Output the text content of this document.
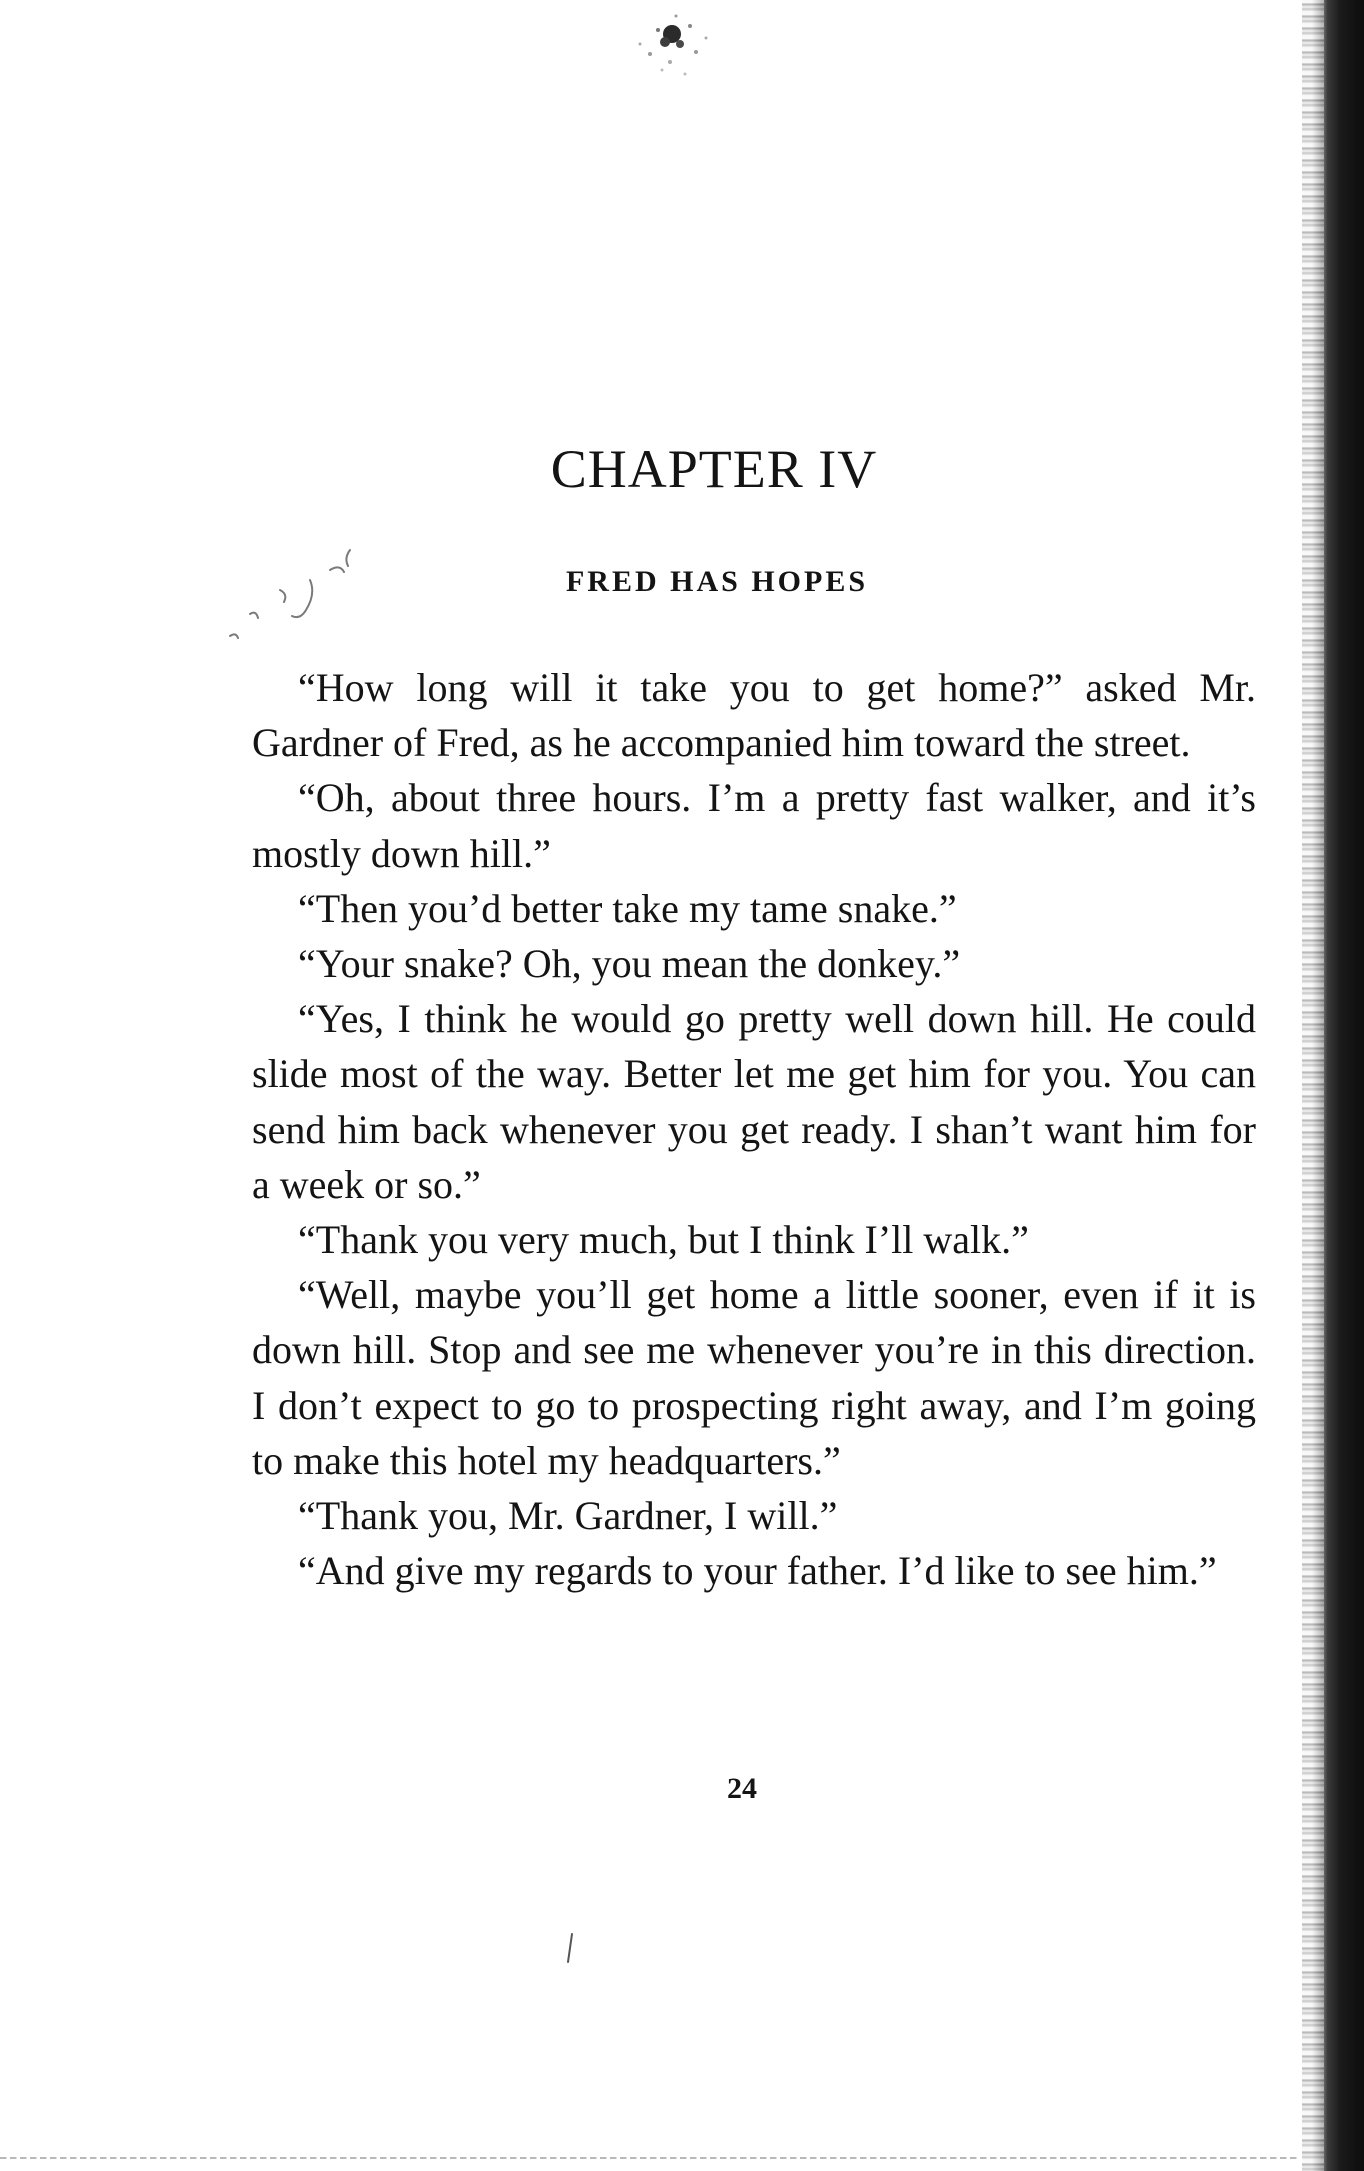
CHAPTER IV
FRED HAS HOPES

“How long will it take you to get home?” asked Mr. Gardner of Fred, as he accompanied him toward the street.

“Oh, about three hours. I’m a pretty fast walker, and it’s mostly down hill.”

“Then you’d better take my tame snake.”

“Your snake? Oh, you mean the donkey.”

“Yes, I think he would go pretty well down hill. He could slide most of the way. Better let me get him for you. You can send him back whenever you get ready. I shan’t want him for a week or so.”

“Thank you very much, but I think I’ll walk.”

“Well, maybe you’ll get home a little sooner, even if it is down hill. Stop and see me whenever you’re in this direction. I don’t expect to go to prospecting right away, and I’m going to make this hotel my headquarters.”

“Thank you, Mr. Gardner, I will.”

“And give my regards to your father. I’d like to see him.”

24
